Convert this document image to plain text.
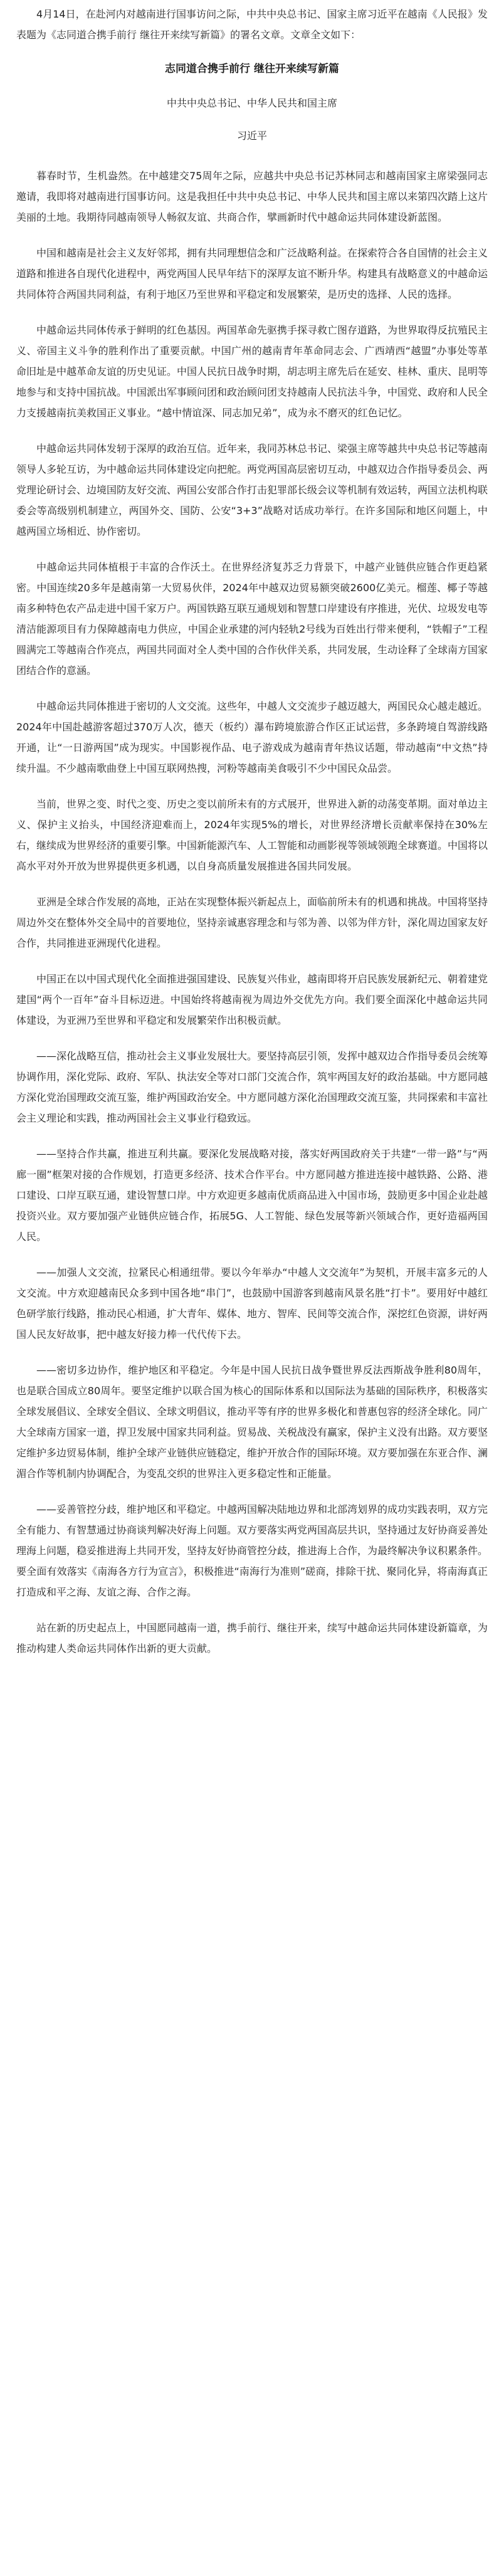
4月14日，在赴河内对越南进行国事访问之际，中共中央总书记、国家主席习近平在越南《人民报》发表题为《志同道合携手前行 继往开来续写新篇》的署名文章。文章全文如下：

志同道合携手前行 继往开来续写新篇
中共中央总书记、中华人民共和国主席
习近平

暮春时节，生机盎然。在中越建交75周年之际，应越共中央总书记苏林同志和越南国家主席梁强同志邀请，我即将对越南进行国事访问。这是我担任中共中央总书记、中华人民共和国主席以来第四次踏上这片美丽的土地。我期待同越南领导人畅叙友谊、共商合作，擘画新时代中越命运共同体建设新蓝图。

中国和越南是社会主义友好邻邦，拥有共同理想信念和广泛战略利益。在探索符合各自国情的社会主义道路和推进各自现代化进程中，两党两国人民早年结下的深厚友谊不断升华。构建具有战略意义的中越命运共同体符合两国共同利益，有利于地区乃至世界和平稳定和发展繁荣，是历史的选择、人民的选择。

中越命运共同体传承于鲜明的红色基因。两国革命先驱携手探寻救亡图存道路，为世界取得反抗殖民主义、帝国主义斗争的胜利作出了重要贡献。中国广州的越南青年革命同志会、广西靖西“越盟”办事处等革命旧址是中越革命友谊的历史见证。中国人民抗日战争时期，胡志明主席先后在延安、桂林、重庆、昆明等地参与和支持中国抗战。中国派出军事顾问团和政治顾问团支持越南人民抗法斗争，中国党、政府和人民全力支援越南抗美救国正义事业。“越中情谊深、同志加兄弟”，成为永不磨灭的红色记忆。

中越命运共同体发轫于深厚的政治互信。近年来，我同苏林总书记、梁强主席等越共中央总书记等越南领导人多轮互访，为中越命运共同体建设定向把舵。两党两国高层密切互动，中越双边合作指导委员会、两党理论研讨会、边境国防友好交流、两国公安部合作打击犯罪部长级会议等机制有效运转，两国立法机构联委会等高级别机制建立，两国外交、国防、公安“3+3”战略对话成功举行。在许多国际和地区问题上，中越两国立场相近、协作密切。

中越命运共同体植根于丰富的合作沃土。在世界经济复苏乏力背景下，中越产业链供应链合作更趋紧密。中国连续20多年是越南第一大贸易伙伴，2024年中越双边贸易额突破2600亿美元。榴莲、椰子等越南多种特色农产品走进中国千家万户。两国铁路互联互通规划和智慧口岸建设有序推进，光伏、垃圾发电等清洁能源项目有力保障越南电力供应，中国企业承建的河内轻轨2号线为百姓出行带来便利，“铁帽子”工程圆满完工等越南合作亮点，两国共同面对全人类中国的合作伙伴关系，共同发展，生动诠释了全球南方国家团结合作的意涵。

中越命运共同体推进于密切的人文交流。这些年，中越人文交流步子越迈越大，两国民众心越走越近。2024年中国赴越游客超过370万人次，德天（板约）瀑布跨境旅游合作区正试运营，多条跨境自驾游线路开通，让“一日游两国”成为现实。中国影视作品、电子游戏成为越南青年热议话题，带动越南“中文热”持续升温。不少越南歌曲登上中国互联网热搜，河粉等越南美食吸引不少中国民众品尝。

当前，世界之变、时代之变、历史之变以前所未有的方式展开，世界进入新的动荡变革期。面对单边主义、保护主义抬头，中国经济迎难而上，2024年实现5%的增长，对世界经济增长贡献率保持在30%左右，继续成为世界经济的重要引擎。中国新能源汽车、人工智能和动画影视等领域领跑全球赛道。中国将以高水平对外开放为世界提供更多机遇，以自身高质量发展推进各国共同发展。

亚洲是全球合作发展的高地，正站在实现整体振兴新起点上，面临前所未有的机遇和挑战。中国将坚持周边外交在整体外交全局中的首要地位，坚持亲诚惠容理念和与邻为善、以邻为伴方针，深化周边国家友好合作，共同推进亚洲现代化进程。

中国正在以中国式现代化全面推进强国建设、民族复兴伟业，越南即将开启民族发展新纪元、朝着建党建国“两个一百年”奋斗目标迈进。中国始终将越南视为周边外交优先方向。我们要全面深化中越命运共同体建设，为亚洲乃至世界和平稳定和发展繁荣作出积极贡献。

——深化战略互信，推动社会主义事业发展壮大。要坚持高层引领，发挥中越双边合作指导委员会统筹协调作用，深化党际、政府、军队、执法安全等对口部门交流合作，筑牢两国友好的政治基础。中方愿同越方深化党治国理政交流互鉴，维护两国政治安全。中方愿同越方深化治国理政交流互鉴，共同探索和丰富社会主义理论和实践，推动两国社会主义事业行稳致远。

——坚持合作共赢，推进互利共赢。要深化发展战略对接，落实好两国政府关于共建“一带一路”与“两廊一圈”框架对接的合作规划，打造更多经济、技术合作平台。中方愿同越方推进连接中越铁路、公路、港口建设、口岸互联互通，建设智慧口岸。中方欢迎更多越南优质商品进入中国市场，鼓励更多中国企业赴越投资兴业。双方要加强产业链供应链合作，拓展5G、人工智能、绿色发展等新兴领域合作，更好造福两国人民。

——加强人文交流，拉紧民心相通纽带。要以今年举办“中越人文交流年”为契机，开展丰富多元的人文交流。中方欢迎越南民众多到中国各地“串门”，也鼓励中国游客到越南风景名胜“打卡”。要用好中越红色研学旅行线路，推动民心相通，扩大青年、媒体、地方、智库、民间等交流合作，深挖红色资源，讲好两国人民友好故事，把中越友好接力棒一代代传下去。

——密切多边协作，维护地区和平稳定。今年是中国人民抗日战争暨世界反法西斯战争胜利80周年，也是联合国成立80周年。要坚定维护以联合国为核心的国际体系和以国际法为基础的国际秩序，积极落实全球发展倡议、全球安全倡议、全球文明倡议，推动平等有序的世界多极化和普惠包容的经济全球化。同广大全球南方国家一道，捍卫发展中国家共同利益。贸易战、关税战没有赢家，保护主义没有出路。双方要坚定维护多边贸易体制，维护全球产业链供应链稳定，维护开放合作的国际环境。双方要加强在东亚合作、澜湄合作等机制内协调配合，为变乱交织的世界注入更多稳定性和正能量。

——妥善管控分歧，维护地区和平稳定。中越两国解决陆地边界和北部湾划界的成功实践表明，双方完全有能力、有智慧通过协商谈判解决好海上问题。双方要落实两党两国高层共识，坚持通过友好协商妥善处理海上问题，稳妥推进海上共同开发，坚持友好协商管控分歧，推进海上合作，为最终解决争议积累条件。要全面有效落实《南海各方行为宣言》，积极推进“南海行为准则”磋商，排除干扰、聚同化异，将南海真正打造成和平之海、友谊之海、合作之海。

站在新的历史起点上，中国愿同越南一道，携手前行、继往开来，续写中越命运共同体建设新篇章，为推动构建人类命运共同体作出新的更大贡献。
